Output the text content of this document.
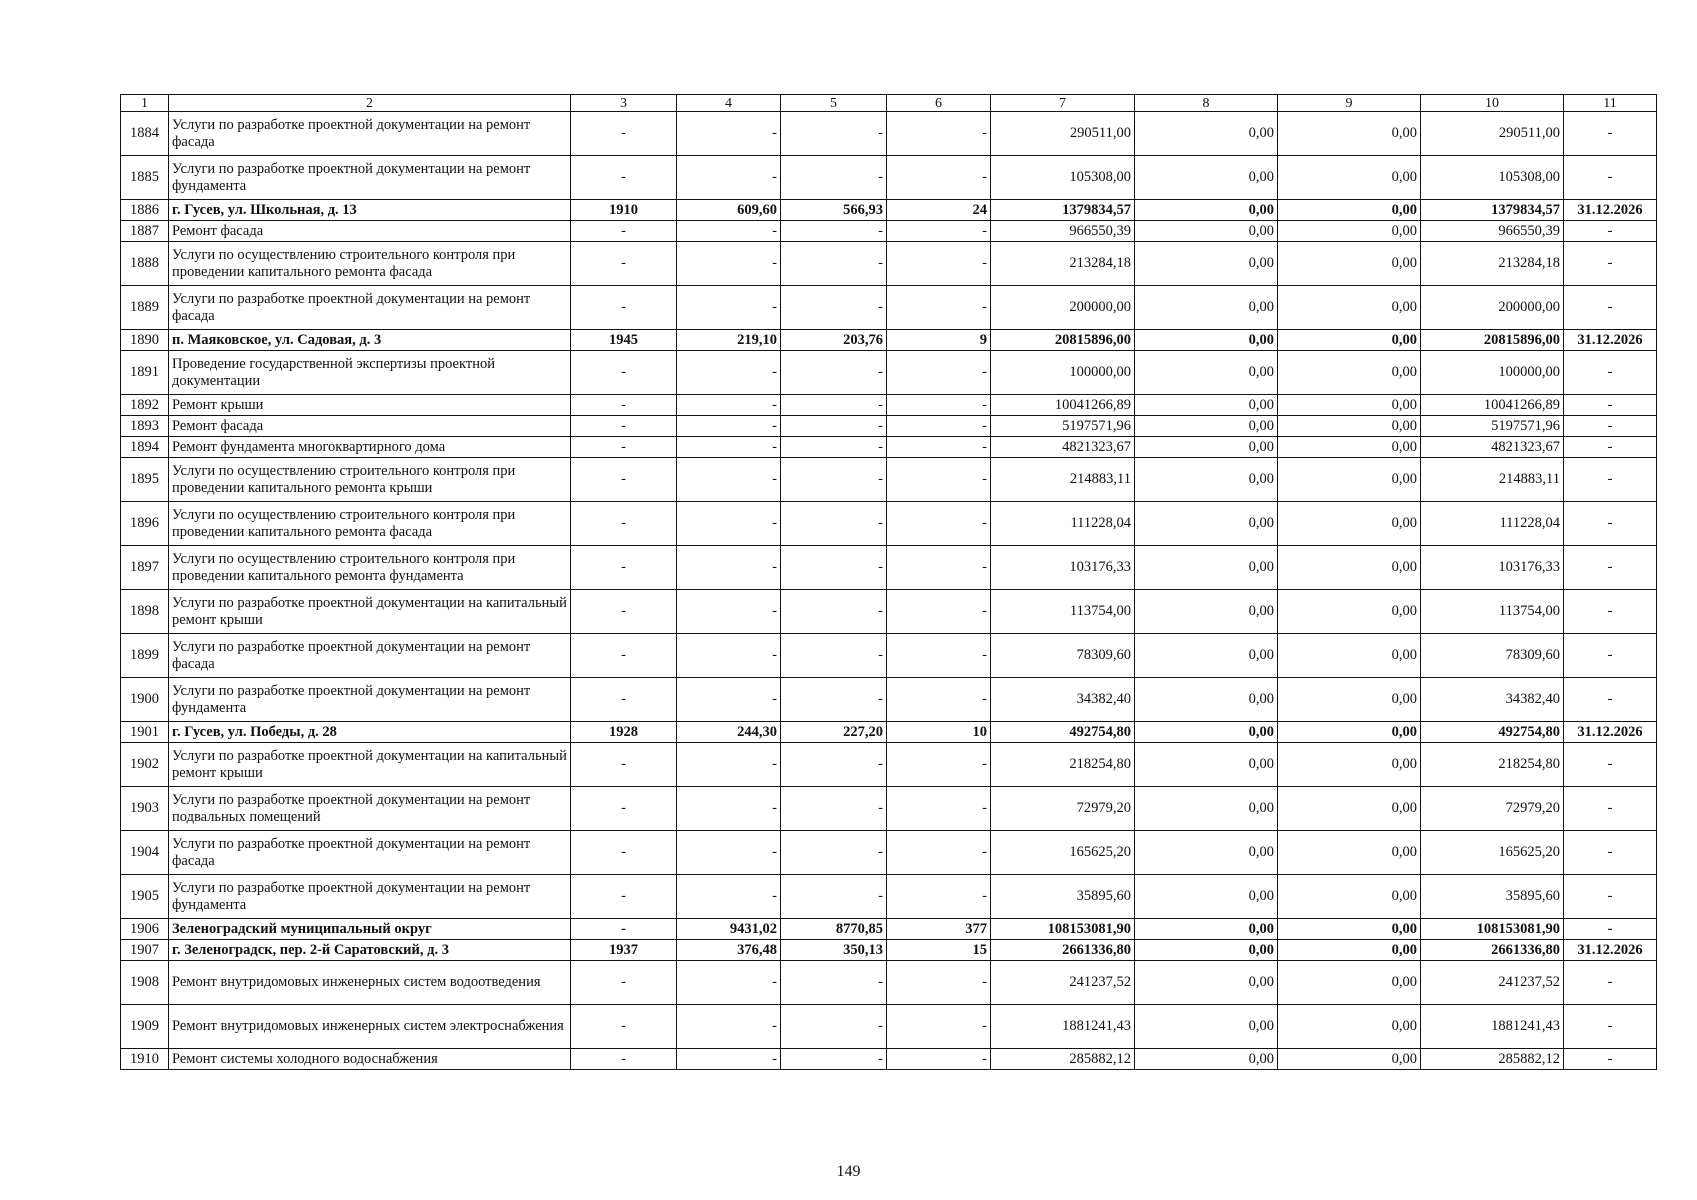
1	2	3	4	5	6	7	8	9	10	11
1884	Услуги по разработке проектной документации на ремонт фасада	-	-	-	-	290511,00	0,00	0,00	290511,00	-
1885	Услуги по разработке проектной документации на ремонт фундамента	-	-	-	-	105308,00	0,00	0,00	105308,00	-
1886	г. Гусев, ул. Школьная, д. 13	1910	609,60	566,93	24	1379834,57	0,00	0,00	1379834,57	31.12.2026
1887	Ремонт фасада	-	-	-	-	966550,39	0,00	0,00	966550,39	-
1888	Услуги по осуществлению строительного контроля при проведении капитального ремонта фасада	-	-	-	-	213284,18	0,00	0,00	213284,18	-
1889	Услуги по разработке проектной документации на ремонт фасада	-	-	-	-	200000,00	0,00	0,00	200000,00	-
1890	п. Маяковское, ул. Садовая, д. 3	1945	219,10	203,76	9	20815896,00	0,00	0,00	20815896,00	31.12.2026
1891	Проведение государственной экспертизы проектной документации	-	-	-	-	100000,00	0,00	0,00	100000,00	-
1892	Ремонт крыши	-	-	-	-	10041266,89	0,00	0,00	10041266,89	-
1893	Ремонт фасада	-	-	-	-	5197571,96	0,00	0,00	5197571,96	-
1894	Ремонт фундамента многоквартирного дома	-	-	-	-	4821323,67	0,00	0,00	4821323,67	-
1895	Услуги по осуществлению строительного контроля при проведении капитального ремонта крыши	-	-	-	-	214883,11	0,00	0,00	214883,11	-
1896	Услуги по осуществлению строительного контроля при проведении капитального ремонта фасада	-	-	-	-	111228,04	0,00	0,00	111228,04	-
1897	Услуги по осуществлению строительного контроля при проведении капитального ремонта фундамента	-	-	-	-	103176,33	0,00	0,00	103176,33	-
1898	Услуги по разработке проектной документации на капитальный ремонт крыши	-	-	-	-	113754,00	0,00	0,00	113754,00	-
1899	Услуги по разработке проектной документации на ремонт фасада	-	-	-	-	78309,60	0,00	0,00	78309,60	-
1900	Услуги по разработке проектной документации на ремонт фундамента	-	-	-	-	34382,40	0,00	0,00	34382,40	-
1901	г. Гусев, ул. Победы, д. 28	1928	244,30	227,20	10	492754,80	0,00	0,00	492754,80	31.12.2026
1902	Услуги по разработке проектной документации на капитальный ремонт крыши	-	-	-	-	218254,80	0,00	0,00	218254,80	-
1903	Услуги по разработке проектной документации на ремонт подвальных помещений	-	-	-	-	72979,20	0,00	0,00	72979,20	-
1904	Услуги по разработке проектной документации на ремонт фасада	-	-	-	-	165625,20	0,00	0,00	165625,20	-
1905	Услуги по разработке проектной документации на ремонт фундамента	-	-	-	-	35895,60	0,00	0,00	35895,60	-
1906	Зеленоградский муниципальный округ	-	9431,02	8770,85	377	108153081,90	0,00	0,00	108153081,90	-
1907	г. Зеленоградск, пер. 2-й Саратовский, д. 3	1937	376,48	350,13	15	2661336,80	0,00	0,00	2661336,80	31.12.2026
1908	Ремонт внутридомовых инженерных систем водоотведения	-	-	-	-	241237,52	0,00	0,00	241237,52	-
1909	Ремонт внутридомовых инженерных систем электроснабжения	-	-	-	-	1881241,43	0,00	0,00	1881241,43	-
1910	Ремонт системы холодного водоснабжения	-	-	-	-	285882,12	0,00	0,00	285882,12	-
149
